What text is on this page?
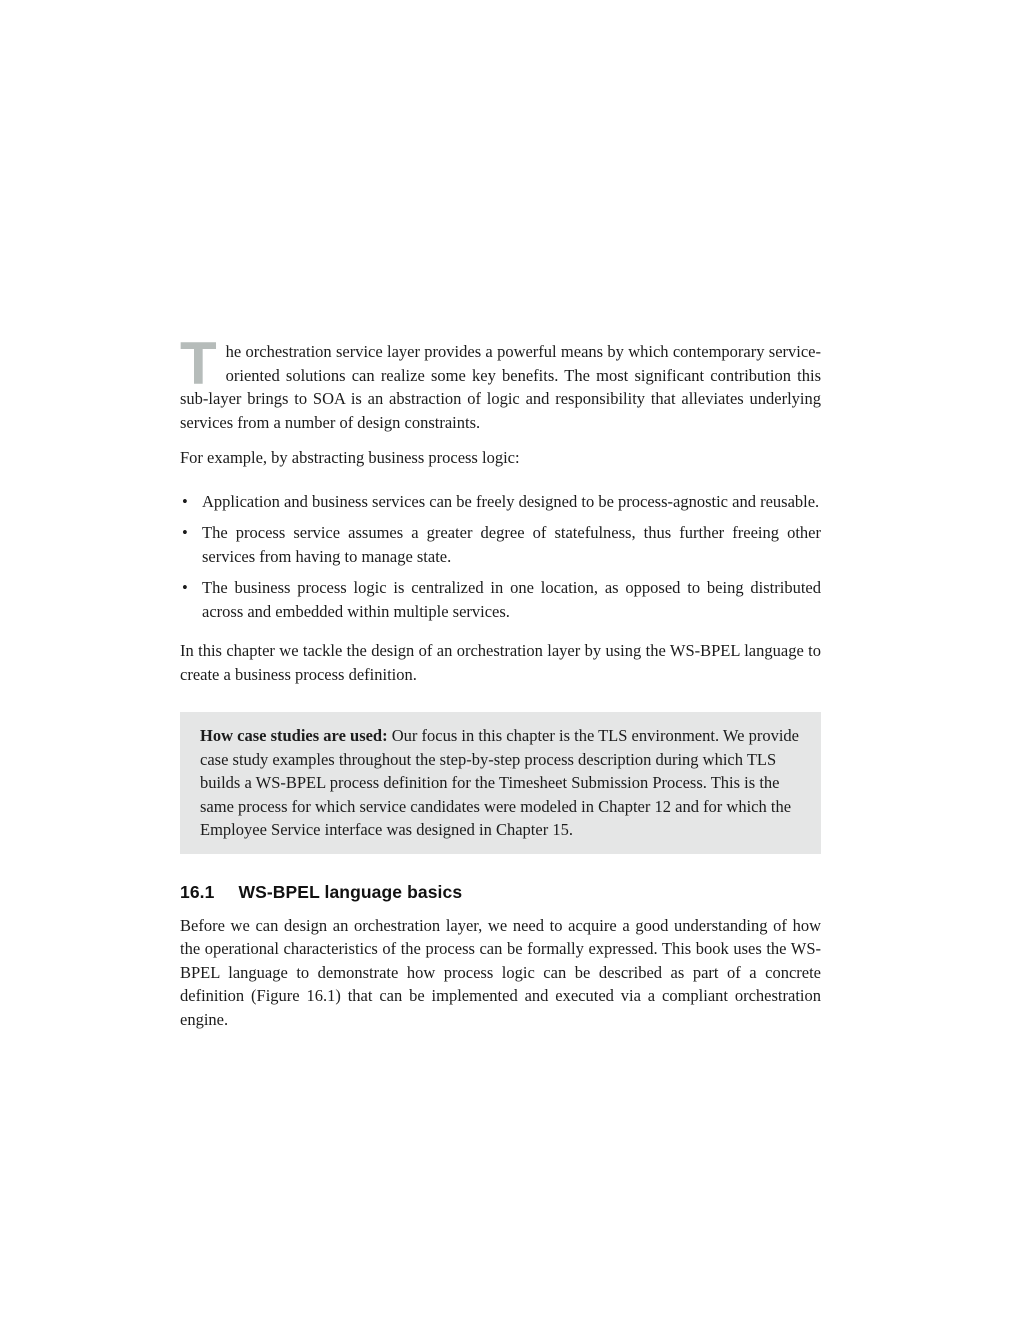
The orchestration service layer provides a powerful means by which contemporary service-oriented solutions can realize some key benefits. The most significant contribution this sub-layer brings to SOA is an abstraction of logic and responsibility that alleviates underlying services from a number of design constraints.

For example, by abstracting business process logic:

• Application and business services can be freely designed to be process-agnostic and reusable.
• The process service assumes a greater degree of statefulness, thus further freeing other services from having to manage state.
• The business process logic is centralized in one location, as opposed to being distributed across and embedded within multiple services.

In this chapter we tackle the design of an orchestration layer by using the WS-BPEL language to create a business process definition.

How case studies are used: Our focus in this chapter is the TLS environment. We provide case study examples throughout the step-by-step process description during which TLS builds a WS-BPEL process definition for the Timesheet Submission Process. This is the same process for which service candidates were modeled in Chapter 12 and for which the Employee Service interface was designed in Chapter 15.

16.1 WS-BPEL language basics

Before we can design an orchestration layer, we need to acquire a good understanding of how the operational characteristics of the process can be formally expressed. This book uses the WS-BPEL language to demonstrate how process logic can be described as part of a concrete definition (Figure 16.1) that can be implemented and executed via a compliant orchestration engine.
